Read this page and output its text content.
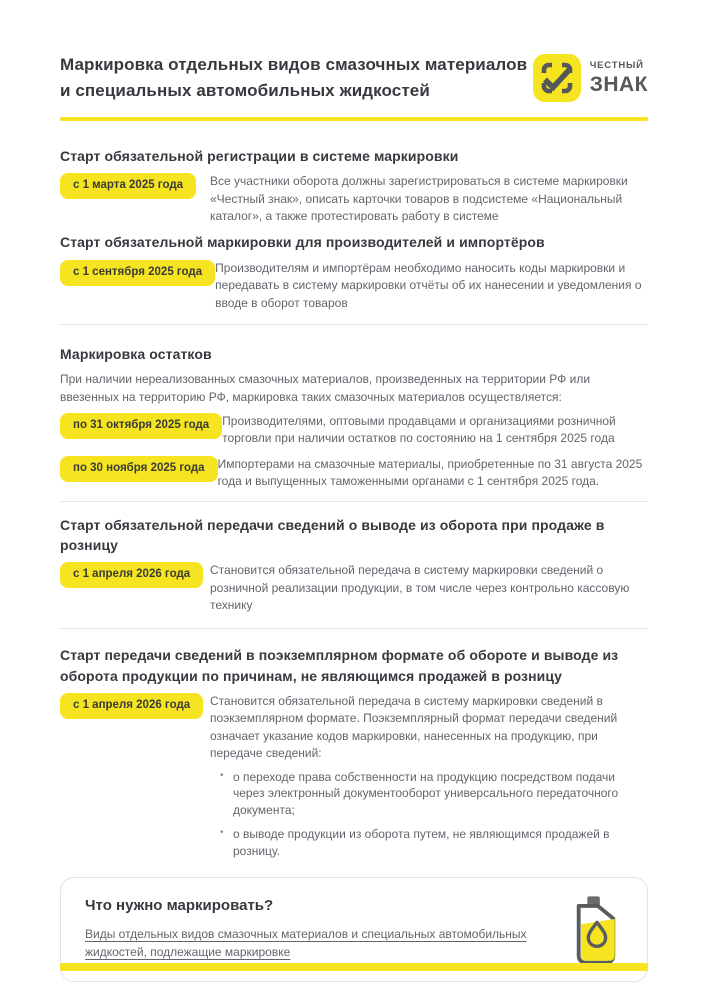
Маркировка отдельных видов смазочных материалов
и специальных автомобильных жидкостей
ЧЕСТНЫЙ
ЗНАК
Старт обязательной регистрации в системе маркировки
с 1 марта 2025 года	Все участники оборота должны зарегистрироваться в системе маркировки «Честный знак», описать карточки товаров в подсистеме «Национальный каталог», а также протестировать работу в системе
Старт обязательной маркировки для производителей и импортёров
с 1 сентября 2025 года	Производителям и импортёрам необходимо наносить коды маркировки и передавать в систему маркировки отчёты об их нанесении и уведомления о вводе в оборот товаров
Маркировка остатков
При наличии нереализованных смазочных материалов, произведенных на территории РФ или ввезенных на территорию РФ, маркировка таких смазочных материалов осуществляется:
по 31 октября 2025 года	Производителями, оптовыми продавцами и организациями розничной торговли при наличии остатков по состоянию на 1 сентября 2025 года
по 30 ноября 2025 года	Импортерами на смазочные материалы, приобретенные по 31 августа 2025 года и выпущенных таможенными органами с 1 сентября 2025 года.
Старт обязательной передачи сведений о выводе из оборота при продаже в розницу
с 1 апреля 2026 года	Становится обязательной передача в систему маркировки сведений о розничной реализации продукции, в том числе через контрольно кассовую технику
Старт передачи сведений в поэкземплярном формате об обороте и выводе из оборота продукции по причинам, не являющимся продажей в розницу
с 1 апреля 2026 года	Становится обязательной передача в систему маркировки сведений в поэкземплярном формате. Поэкземплярный формат передачи сведений означает указание кодов маркировки, нанесенных на продукцию, при передаче сведений:
• о переходе права собственности на продукцию посредством подачи через электронный документооборот универсального передаточного документа;
• о выводе продукции из оборота путем, не являющимся продажей в розницу.
Что нужно маркировать?
Виды отдельных видов смазочных материалов и специальных автомобильных жидкостей, подлежащие маркировке
